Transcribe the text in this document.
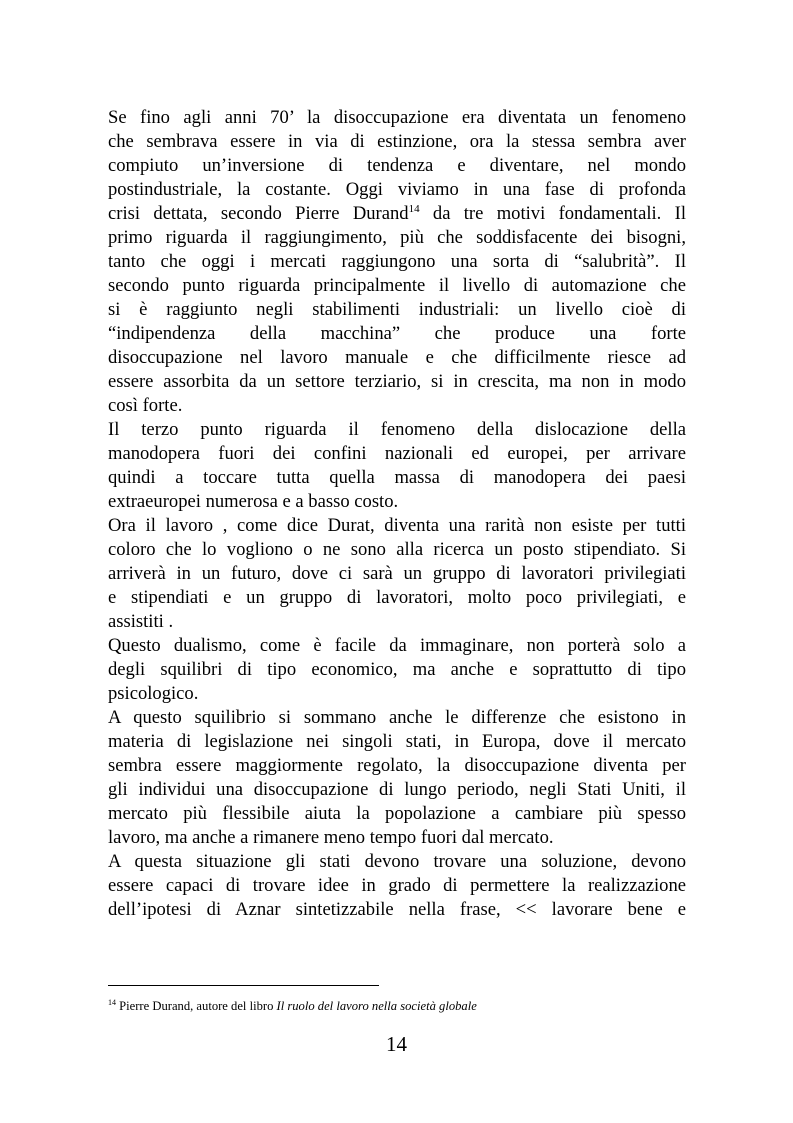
Se fino agli anni 70’ la disoccupazione era diventata un fenomeno
che sembrava essere in via di estinzione, ora la stessa sembra aver
compiuto un’inversione di tendenza e diventare, nel mondo
postindustriale, la costante. Oggi viviamo in una fase di profonda
crisi dettata, secondo Pierre Durand$^{14}$ da tre motivi fondamentali. Il
primo riguarda il raggiungimento, più che soddisfacente dei bisogni,
tanto che oggi i mercati raggiungono una sorta di “salubrità”. Il
secondo punto riguarda principalmente il livello di automazione che
si è raggiunto negli stabilimenti industriali: un livello cioè di
“indipendenza della macchina” che produce una forte
disoccupazione nel lavoro manuale e che difficilmente riesce ad
essere assorbita da un settore terziario, si in crescita, ma non in modo
così forte.
Il terzo punto riguarda il fenomeno della dislocazione della
manodopera fuori dei confini nazionali ed europei, per arrivare
quindi a toccare tutta quella massa di manodopera dei paesi
extraeuropei numerosa e a basso costo.
Ora il lavoro , come dice Durat, diventa una rarità non esiste per tutti
coloro che lo vogliono o ne sono alla ricerca un posto stipendiato. Si
arriverà in un futuro, dove ci sarà un gruppo di lavoratori privilegiati
e stipendiati e un gruppo di lavoratori, molto poco privilegiati, e
assistiti .
Questo dualismo, come è facile da immaginare, non porterà solo a
degli squilibri di tipo economico, ma anche e soprattutto di tipo
psicologico.
A questo squilibrio si sommano anche le differenze che esistono in
materia di legislazione nei singoli stati, in Europa, dove il mercato
sembra essere maggiormente regolato, la disoccupazione diventa per
gli individui una disoccupazione di lungo periodo, negli Stati Uniti, il
mercato più flessibile aiuta la popolazione a cambiare più spesso
lavoro, ma anche a rimanere meno tempo fuori dal mercato.
A questa situazione gli stati devono trovare una soluzione, devono
essere capaci di trovare idee in grado di permettere la realizzazione
dell’ipotesi di Aznar sintetizzabile nella frase, << lavorare bene e
$^{14}$ Pierre Durand, autore del libro Il ruolo del lavoro nella società globale
14
